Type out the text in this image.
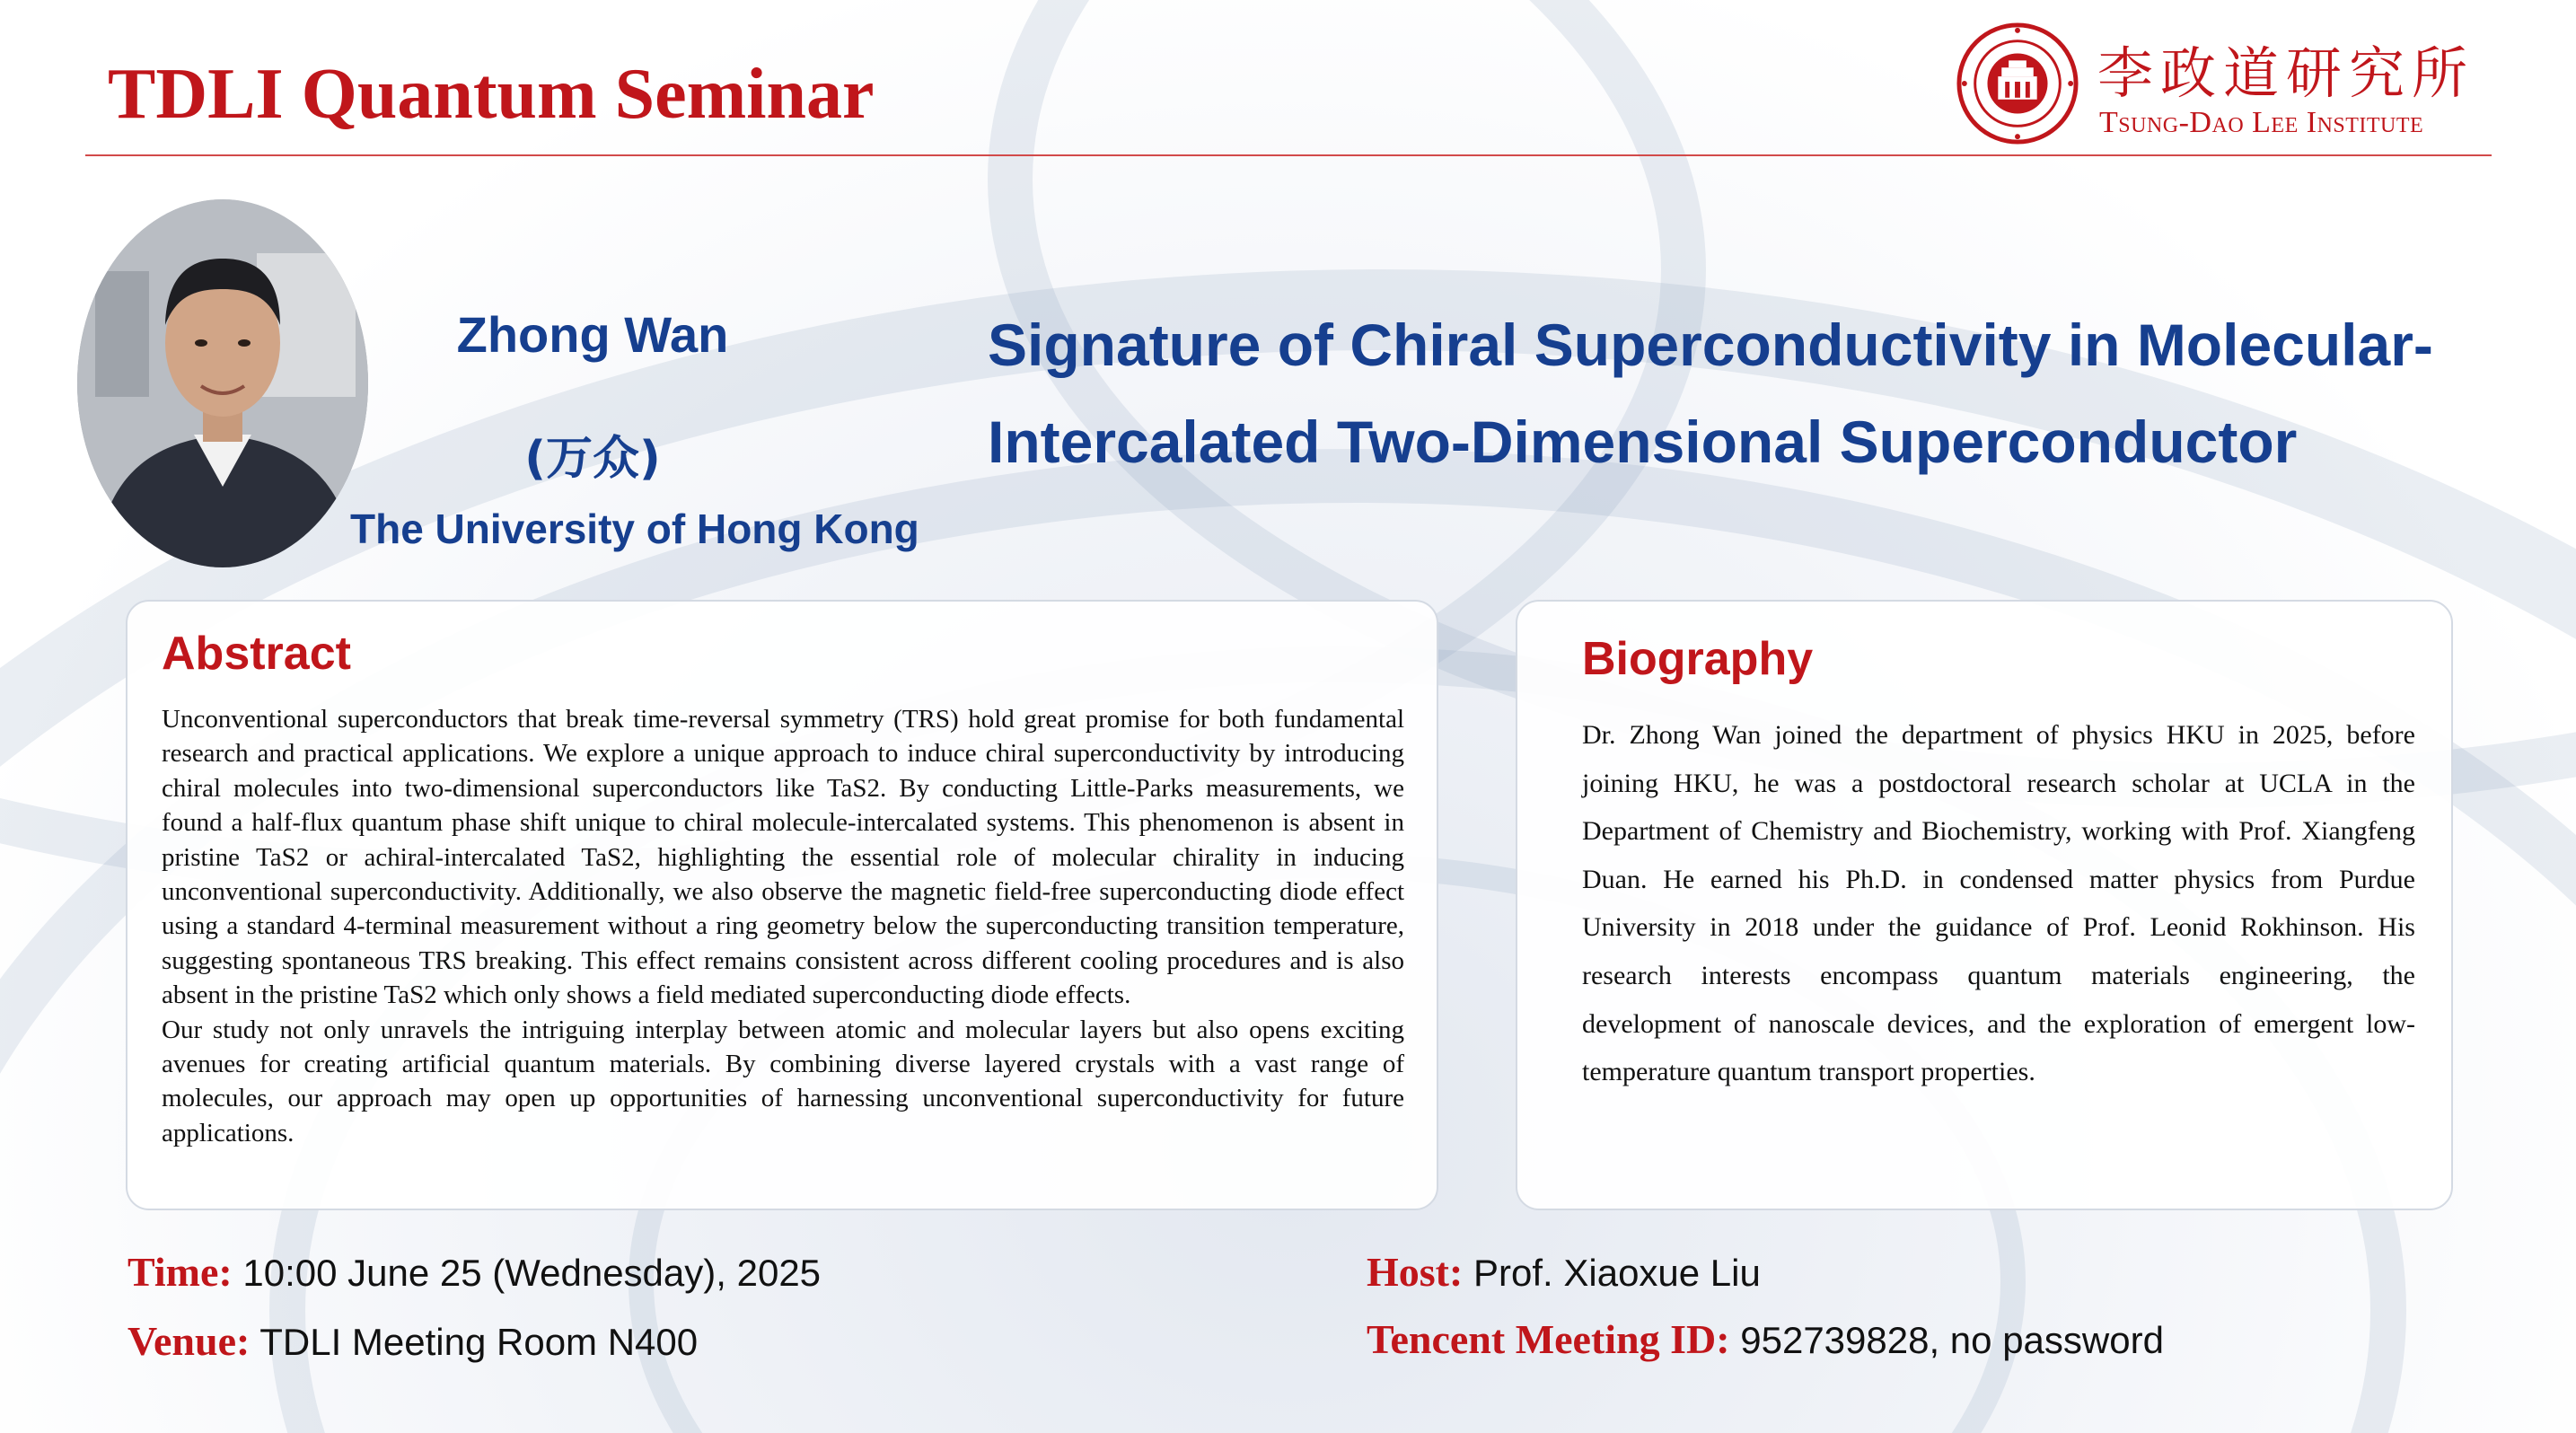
TDLI Quantum Seminar	李政道研究所
Tsung-Dao Lee Institute
Zhong Wan
(万众)
The University of Hong Kong
Signature of Chiral Superconductivity in Molecular-
Intercalated Two-Dimensional Superconductor
Abstract

Unconventional superconductors that break time-reversal symmetry (TRS) hold great promise for both fundamental research and practical applications. We explore a unique approach to induce chiral superconductivity by introducing chiral molecules into two-dimensional superconductors like TaS2. By conducting Little-Parks measurements, we found a half-flux quantum phase shift unique to chiral molecule-intercalated systems. This phenomenon is absent in pristine TaS2 or achiral-intercalated TaS2, highlighting the essential role of molecular chirality in inducing unconventional superconductivity. Additionally, we also observe the magnetic field-free superconducting diode effect using a standard 4-terminal measurement without a ring geometry below the superconducting transition temperature, suggesting spontaneous TRS breaking. This effect remains consistent across different cooling procedures and is also absent in the pristine TaS2 which only shows a field mediated superconducting diode effects.

Our study not only unravels the intriguing interplay between atomic and molecular layers but also opens exciting avenues for creating artificial quantum materials. By combining diverse layered crystals with a vast range of molecules, our approach may open up opportunities of harnessing unconventional superconductivity for future applications.

Biography

Dr. Zhong Wan joined the department of physics HKU in 2025, before joining HKU, he was a postdoctoral research scholar at UCLA in the Department of Chemistry and Biochemistry, working with Prof. Xiangfeng Duan. He earned his Ph.D. in condensed matter physics from Purdue University in 2018 under the guidance of Prof. Leonid Rokhinson. His research interests encompass quantum materials engineering, the development of nanoscale devices, and the exploration of emergent low-temperature quantum transport properties.

Time: 10:00 June 25 (Wednesday), 2025
Venue: TDLI Meeting Room N400
Host: Prof. Xiaoxue Liu
Tencent Meeting ID: 952739828, no password
